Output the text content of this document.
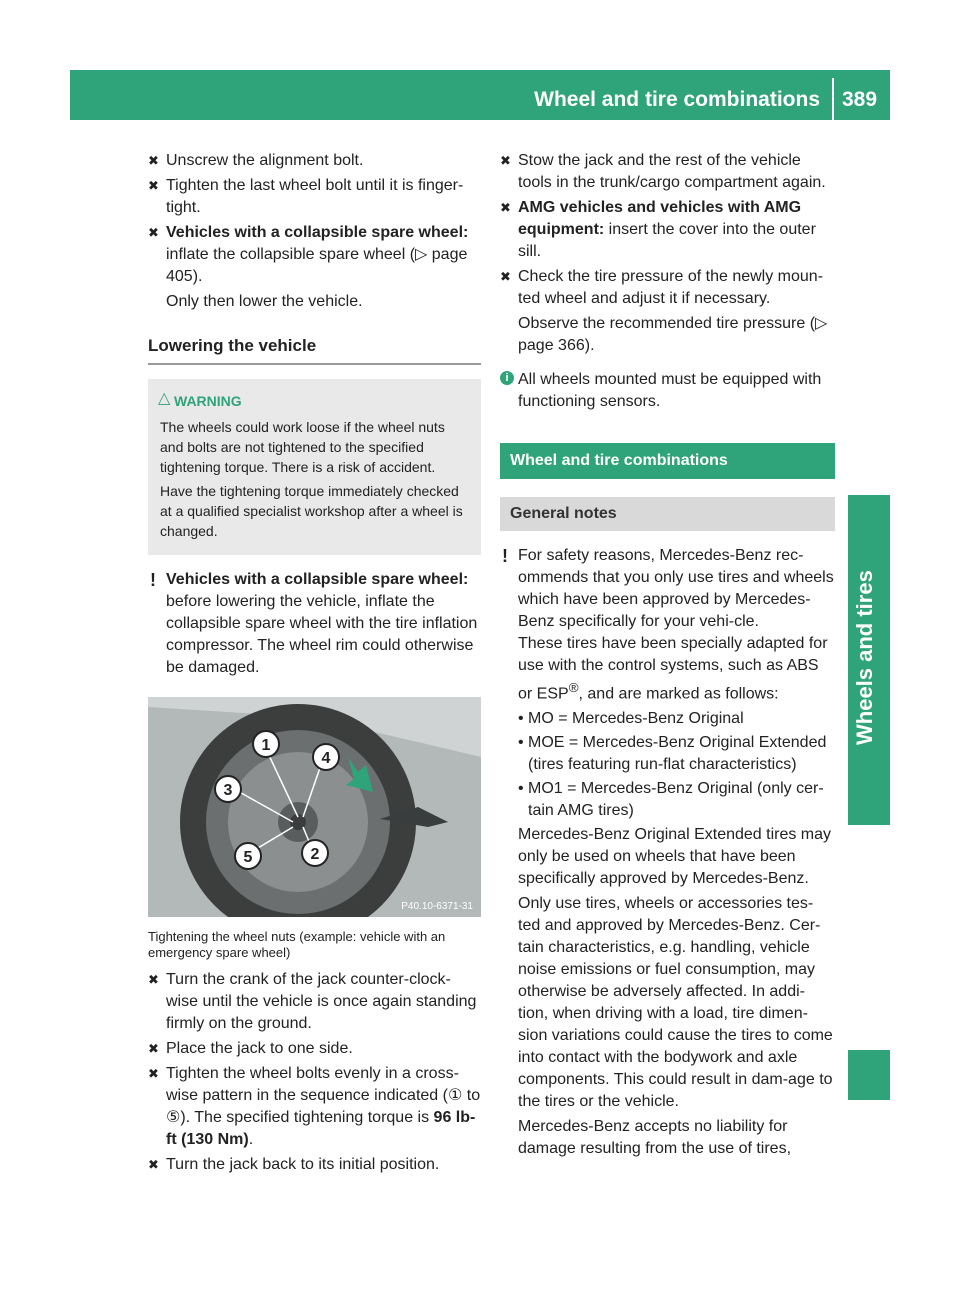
Wheel and tire combinations	389
Wheels and tires
✖ Unscrew the alignment bolt.
✖ Tighten the last wheel bolt until it is finger-tight.
✖ Vehicles with a collapsible spare wheel: inflate the collapsible spare wheel (▷ page 405).
Only then lower the vehicle.
Lowering the vehicle
△ WARNING

The wheels could work loose if the wheel nuts and bolts are not tightened to the specified tightening torque. There is a risk of accident.

Have the tightening torque immediately checked at a qualified specialist workshop after a wheel is changed.

! Vehicles with a collapsible spare wheel: before lowering the vehicle, inflate the collapsible spare wheel with the tire inflation compressor. The wheel rim could otherwise be damaged.
1
4
3
2
5
P40.10-6371-31
Tightening the wheel nuts (example: vehicle with an emergency spare wheel)
✖ Turn the crank of the jack counter-clock-wise until the vehicle is once again standing firmly on the ground.
✖ Place the jack to one side.
✖ Tighten the wheel bolts evenly in a cross-wise pattern in the sequence indicated (① to ⑤). The specified tightening torque is 96 lb-ft (130 Nm).
✖ Turn the jack back to its initial position.
✖ Stow the jack and the rest of the vehicle tools in the trunk/cargo compartment again.
✖ AMG vehicles and vehicles with AMG equipment: insert the cover into the outer sill.
✖ Check the tire pressure of the newly moun-ted wheel and adjust it if necessary.
Observe the recommended tire pressure (▷ page 366).
i All wheels mounted must be equipped with functioning sensors.
Wheel and tire combinations
General notes
! For safety reasons, Mercedes-Benz rec-ommends that you only use tires and wheels which have been approved by Mercedes-Benz specifically for your vehi-cle.
These tires have been specially adapted for use with the control systems, such as ABS or ESP®, and are marked as follows:
• MO = Mercedes-Benz Original
• MOE = Mercedes-Benz Original Extended (tires featuring run-flat characteristics)
• MO1 = Mercedes-Benz Original (only cer-tain AMG tires)
Mercedes-Benz Original Extended tires may only be used on wheels that have been specifically approved by Mercedes-Benz.
Only use tires, wheels or accessories tes-ted and approved by Mercedes-Benz. Cer-tain characteristics, e.g. handling, vehicle noise emissions or fuel consumption, may otherwise be adversely affected. In addi-tion, when driving with a load, tire dimen-sion variations could cause the tires to come into contact with the bodywork and axle components. This could result in dam-age to the tires or the vehicle.
Mercedes-Benz accepts no liability for damage resulting from the use of tires,
